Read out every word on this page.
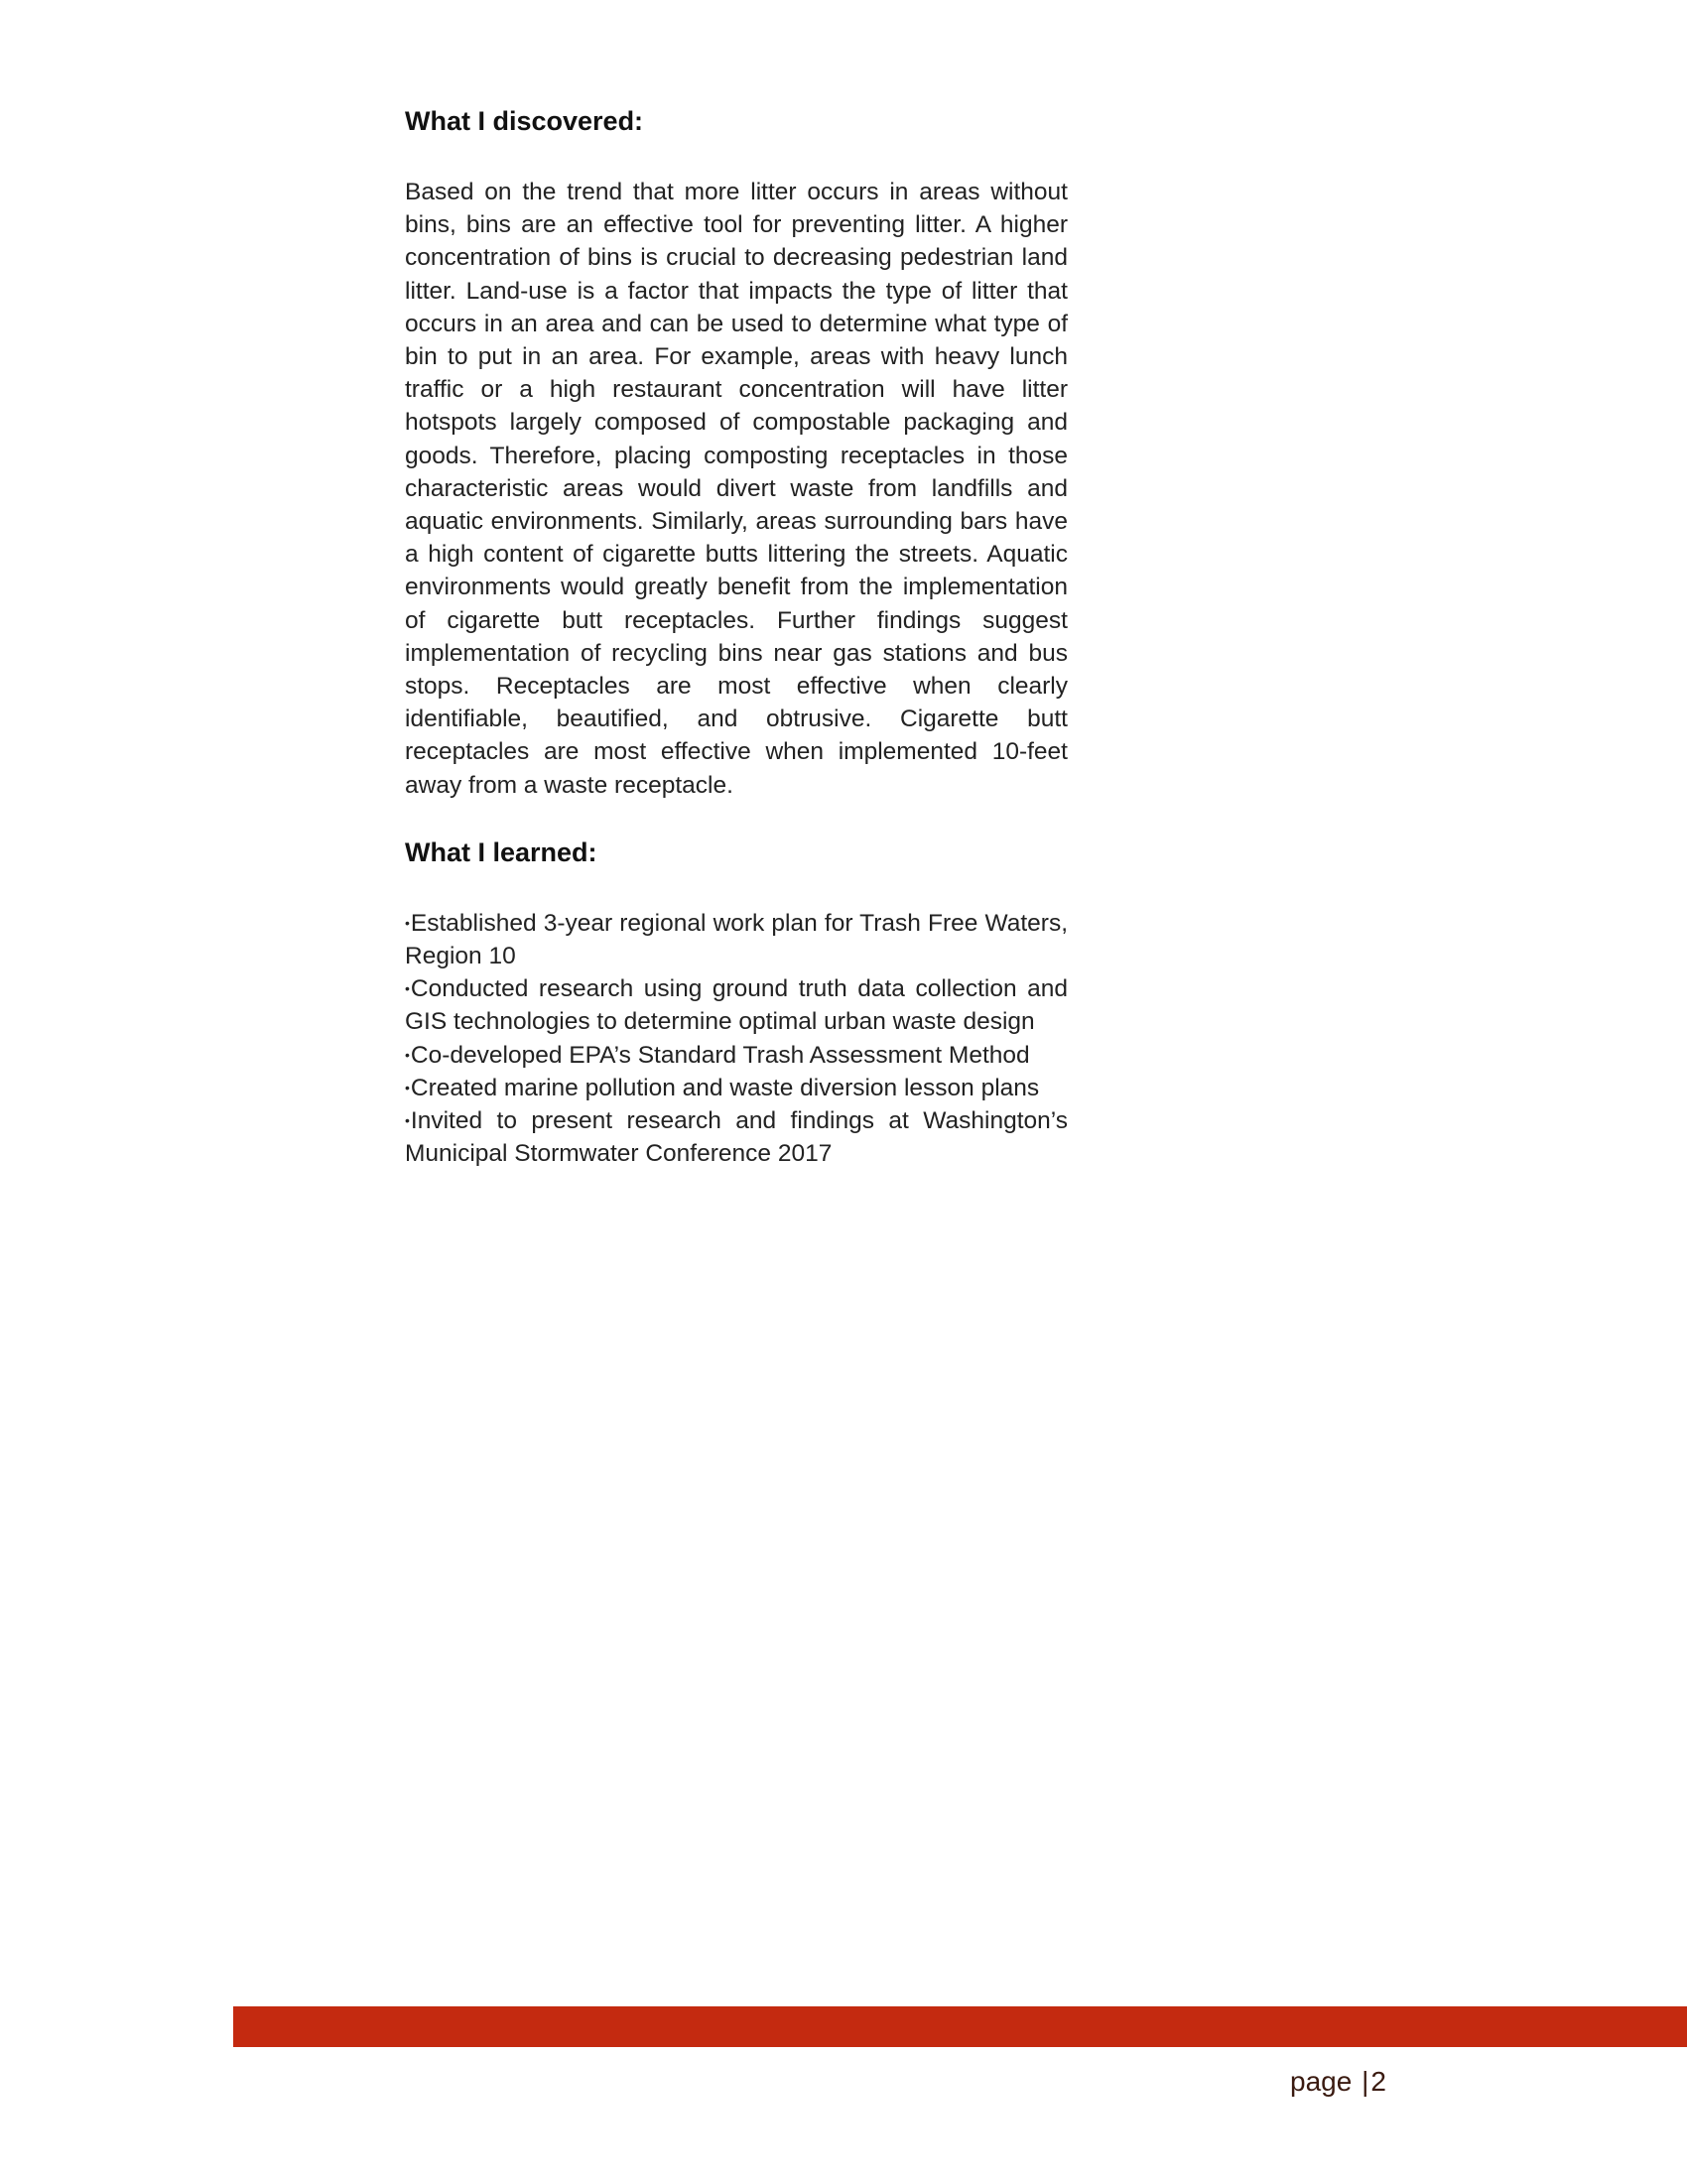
What I discovered:

Based on the trend that more litter occurs in areas without bins, bins are an effective tool for preventing litter. A higher concentration of bins is crucial to decreasing pedestrian land litter. Land-use is a factor that impacts the type of litter that occurs in an area and can be used to determine what type of bin to put in an area. For example, areas with heavy lunch traffic or a high restaurant concentration will have litter hotspots largely composed of compostable packaging and goods. Therefore, placing composting receptacles in those characteristic areas would divert waste from landfills and aquatic environments. Similarly, areas surrounding bars have a high content of cigarette butts littering the streets. Aquatic environments would greatly benefit from the implementation of cigarette butt receptacles. Further findings suggest implementation of recycling bins near gas stations and bus stops. Receptacles are most effective when clearly identifiable, beautified, and obtrusive. Cigarette butt receptacles are most effective when implemented 10-feet away from a waste receptacle.

What I learned:
•Established 3-year regional work plan for Trash Free Waters, Region 10
•Conducted research using ground truth data collection and GIS technologies to determine optimal urban waste design
•Co-developed EPA’s Standard Trash Assessment Method
•Created marine pollution and waste diversion lesson plans
•Invited to present research and findings at Washington’s Municipal Stormwater Conference 2017
page |2
